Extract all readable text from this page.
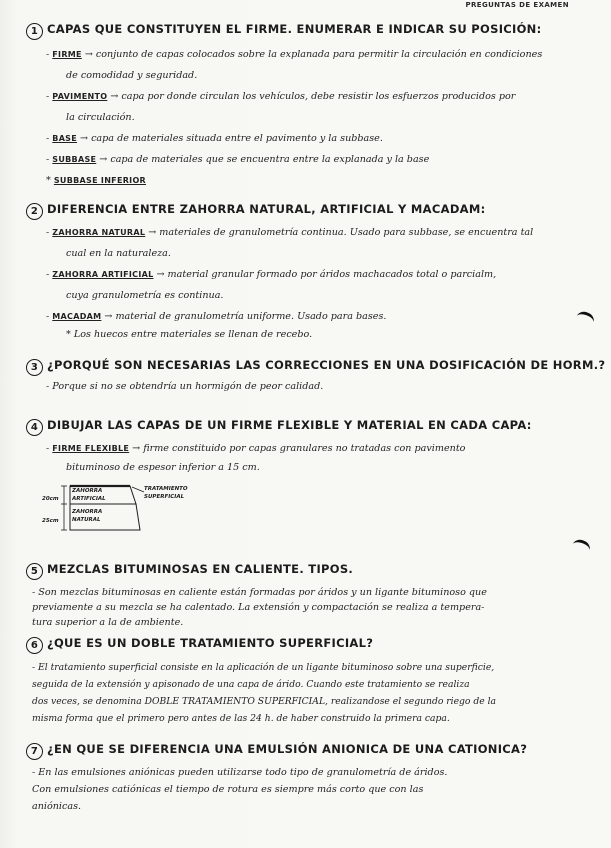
PREGUNTAS DE EXAMEN
1 CAPAS QUE CONSTITUYEN EL FIRME. ENUMERAR E INDICAR SU POSICIÓN:
- FIRME → conjunto de capas colocados sobre la explanada para permitir la circulación en condiciones
de comodidad y seguridad.
- PAVIMENTO → capa por donde circulan los vehículos, debe resistir los esfuerzos producidos por
la circulación.
- BASE → capa de materiales situada entre el pavimento y la subbase.
- SUBBASE → capa de materiales que se encuentra entre la explanada y la base
* SUBBASE INFERIOR
2 DIFERENCIA ENTRE ZAHORRA NATURAL, ARTIFICIAL Y MACADAM:
- ZAHORRA NATURAL → materiales de granulometría continua. Usado para subbase, se encuentra tal
cual en la naturaleza.
- ZAHORRA ARTIFICIAL → material granular formado por áridos machacados total o parcialm,
cuya granulometría es continua.
- MACADAM → material de granulometría uniforme. Usado para bases.
* Los huecos entre materiales se llenan de recebo.
3 ¿PORQUÉ SON NECESARIAS LAS CORRECCIONES EN UNA DOSIFICACIÓN DE HORM.?
- Porque si no se obtendría un hormigón de peor calidad.
4 DIBUJAR LAS CAPAS DE UN FIRME FLEXIBLE Y MATERIAL EN CADA CAPA:
- FIRME FLEXIBLE → firme constituido por capas granulares no tratadas con pavimento
bituminoso de espesor inferior a 15 cm.
ZAHORRA ARTIFICIAL
ZAHORRA NATURAL
20cm
25cm
TRATAMIENTO SUPERFICIAL
5 MEZCLAS BITUMINOSAS EN CALIENTE. TIPOS.
- Son mezclas bituminosas en caliente están formadas por áridos y un ligante bituminoso que
previamente a su mezcla se ha calentado. La extensión y compactación se realiza a tempera-
tura superior a la de ambiente.
6 ¿QUE ES UN DOBLE TRATAMIENTO SUPERFICIAL?
- El tratamiento superficial consiste en la aplicación de un ligante bituminoso sobre una superficie,
seguida de la extensión y apisonado de una capa de árido. Cuando este tratamiento se realiza
dos veces, se denomina DOBLE TRATAMIENTO SUPERFICIAL, realizandose el segundo riego de la
misma forma que el primero pero antes de las 24 h. de haber construido la primera capa.
7 ¿EN QUE SE DIFERENCIA UNA EMULSIÓN ANIONICA DE UNA CATIONICA?
- En las emulsiones aniónicas pueden utilizarse todo tipo de granulometría de áridos.
Con emulsiones catiónicas el tiempo de rotura es siempre más corto que con las
aniónicas.
